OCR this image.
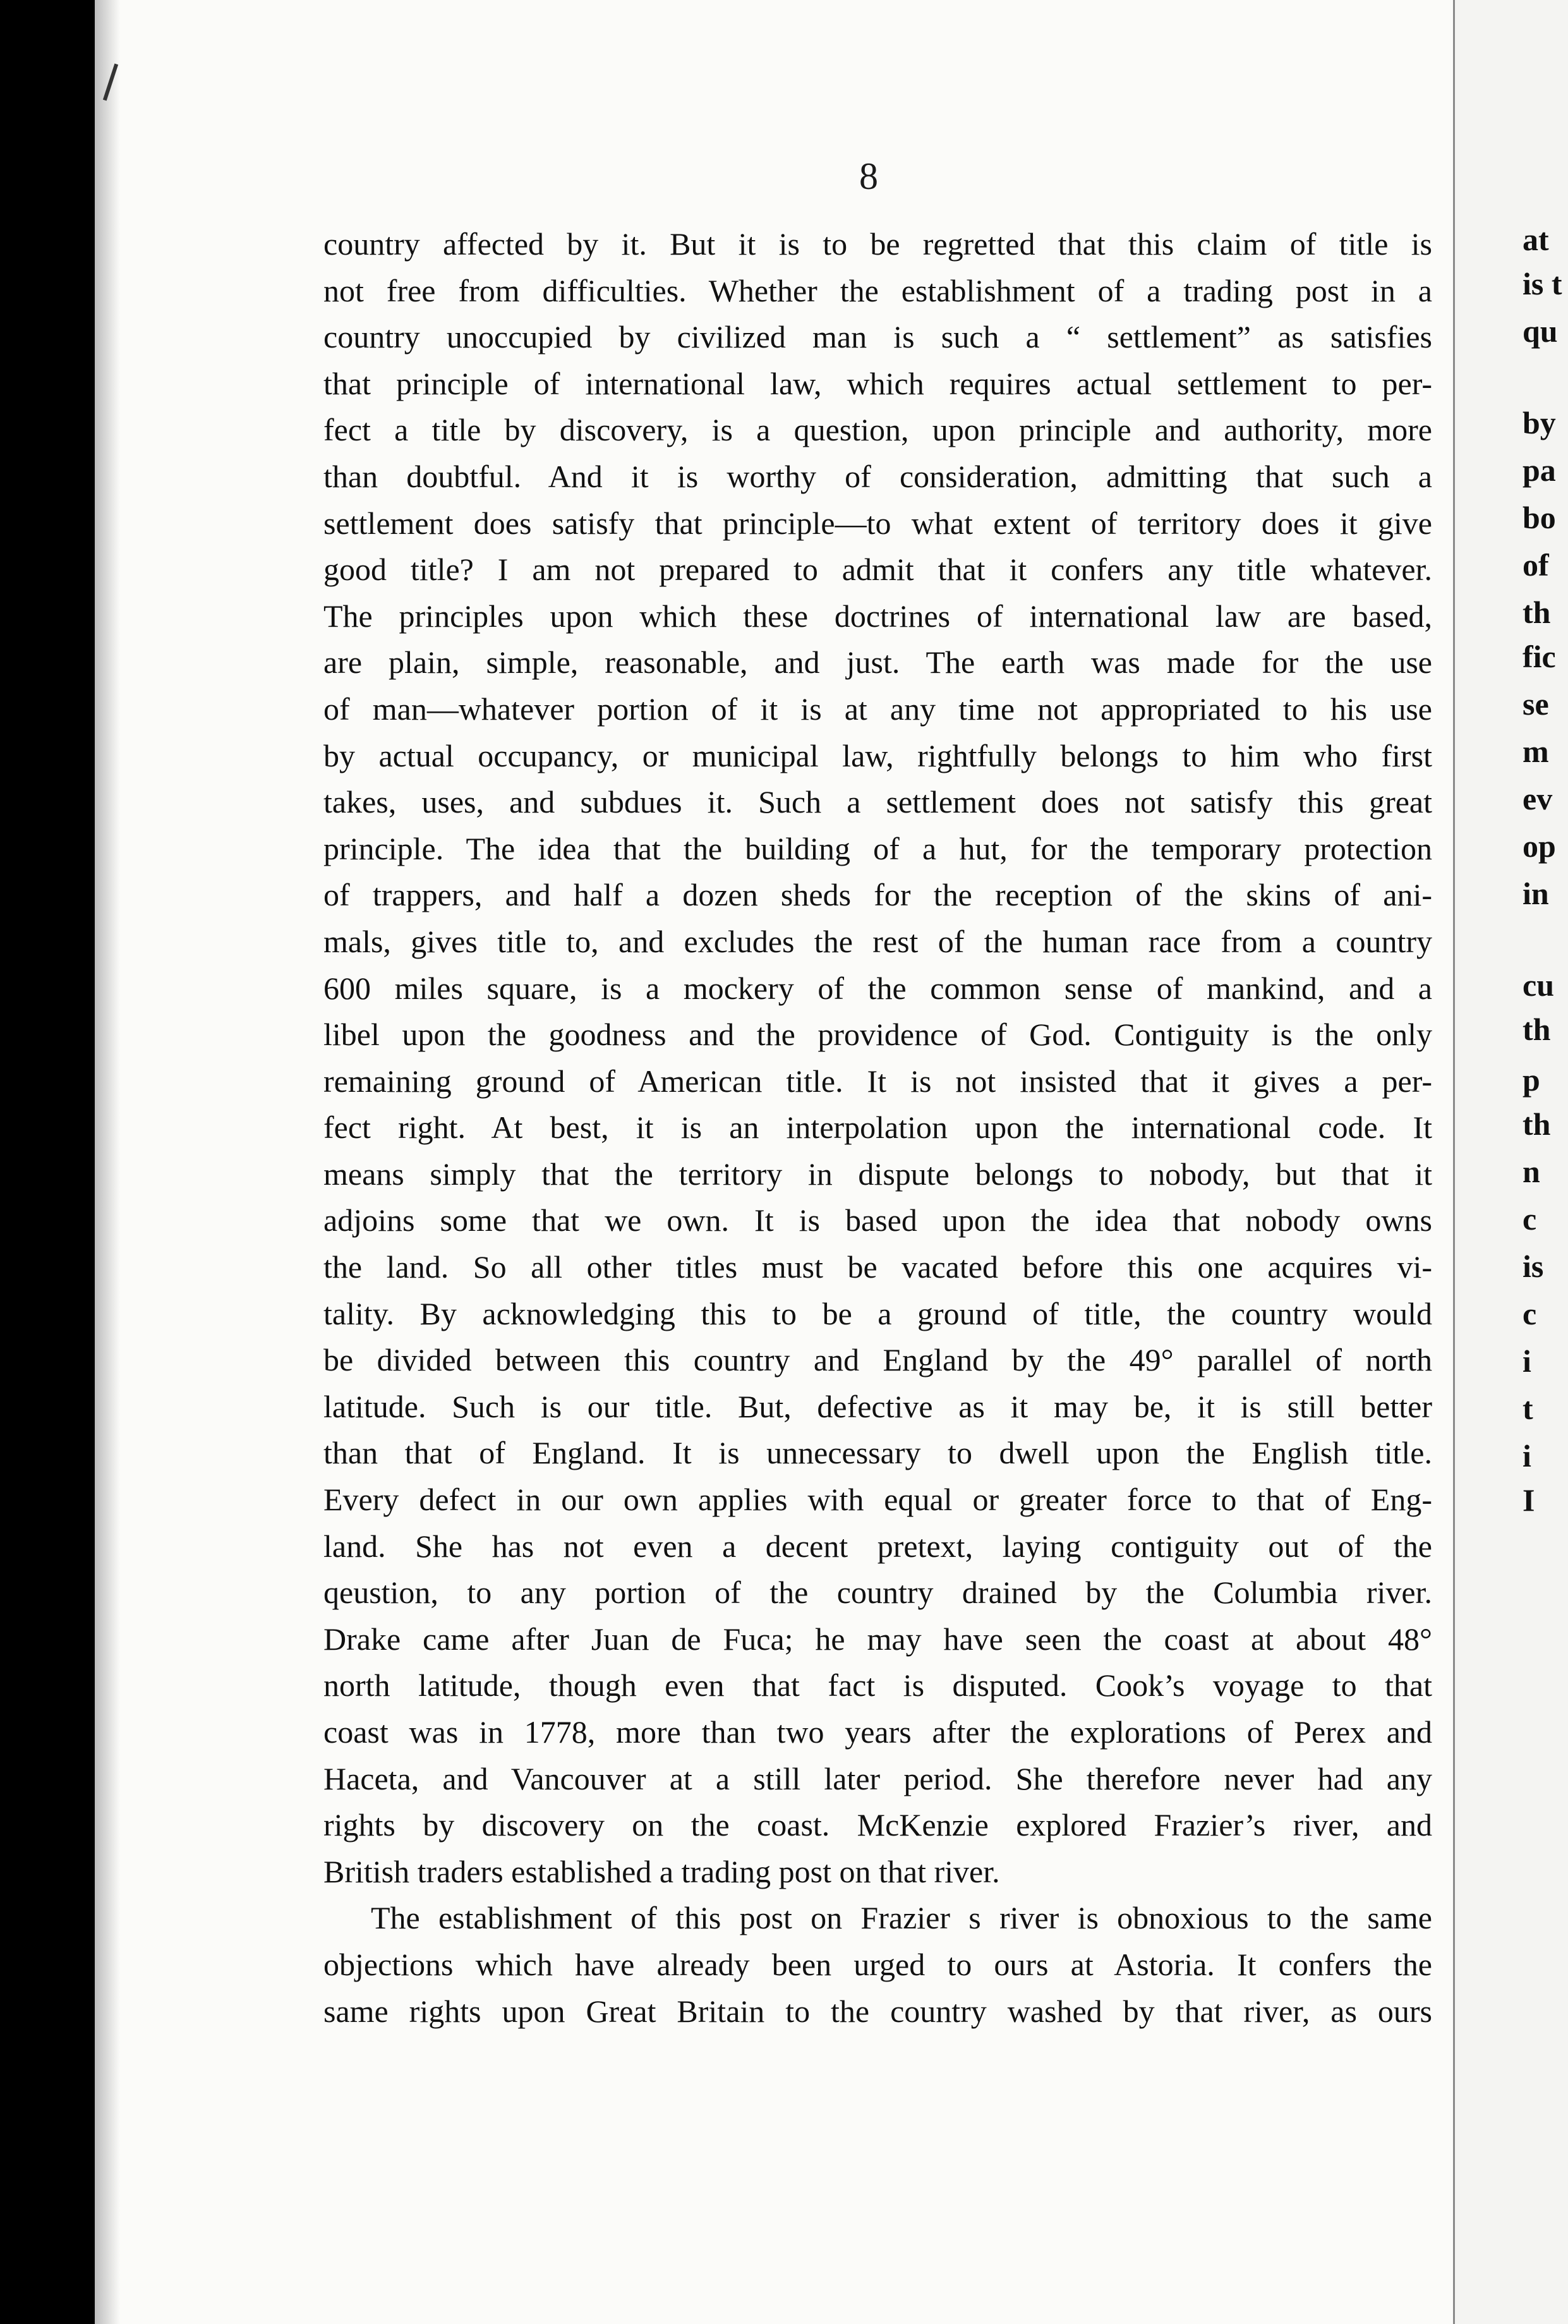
8
country affected by it. But it is to be regretted that this claim of title is
not free from difficulties. Whether the establishment of a trading post in a
country unoccupied by civilized man is such a “ settlement” as satisfies
that principle of international law, which requires actual settlement to per-
fect a title by discovery, is a question, upon principle and authority, more
than doubtful. And it is worthy of consideration, admitting that such a
settlement does satisfy that principle—to what extent of territory does it give
good title? I am not prepared to admit that it confers any title whatever.
The principles upon which these doctrines of international law are based,
are plain, simple, reasonable, and just. The earth was made for the use
of man—whatever portion of it is at any time not appropriated to his use
by actual occupancy, or municipal law, rightfully belongs to him who first
takes, uses, and subdues it. Such a settlement does not satisfy this great
principle. The idea that the building of a hut, for the temporary protection
of trappers, and half a dozen sheds for the reception of the skins of ani-
mals, gives title to, and excludes the rest of the human race from a country
600 miles square, is a mockery of the common sense of mankind, and a
libel upon the goodness and the providence of God. Contiguity is the only
remaining ground of American title. It is not insisted that it gives a per-
fect right. At best, it is an interpolation upon the international code. It
means simply that the territory in dispute belongs to nobody, but that it
adjoins some that we own. It is based upon the idea that nobody owns
the land. So all other titles must be vacated before this one acquires vi-
tality. By acknowledging this to be a ground of title, the country would
be divided between this country and England by the 49° parallel of north
latitude. Such is our title. But, defective as it may be, it is still better
than that of England. It is unnecessary to dwell upon the English title.
Every defect in our own applies with equal or greater force to that of Eng-
land. She has not even a decent pretext, laying contiguity out of the
qeustion, to any portion of the country drained by the Columbia river.
Drake came after Juan de Fuca; he may have seen the coast at about 48°
north latitude, though even that fact is disputed. Cook’s voyage to that
coast was in 1778, more than two years after the explorations of Perex and
Haceta, and Vancouver at a still later period. She therefore never had any
rights by discovery on the coast. McKenzie explored Frazier’s river, and
British traders established a trading post on that river.
The establishment of this post on Frazier s river is obnoxious to the same
objections which have already been urged to ours at Astoria. It confers the
same rights upon Great Britain to the country washed by that river, as ours
at
is t
qu
by
pa
bo
of
th
fic
se
m
ev
op
in
cu
th
p
th
n
c
is
c
i
t
i
I
